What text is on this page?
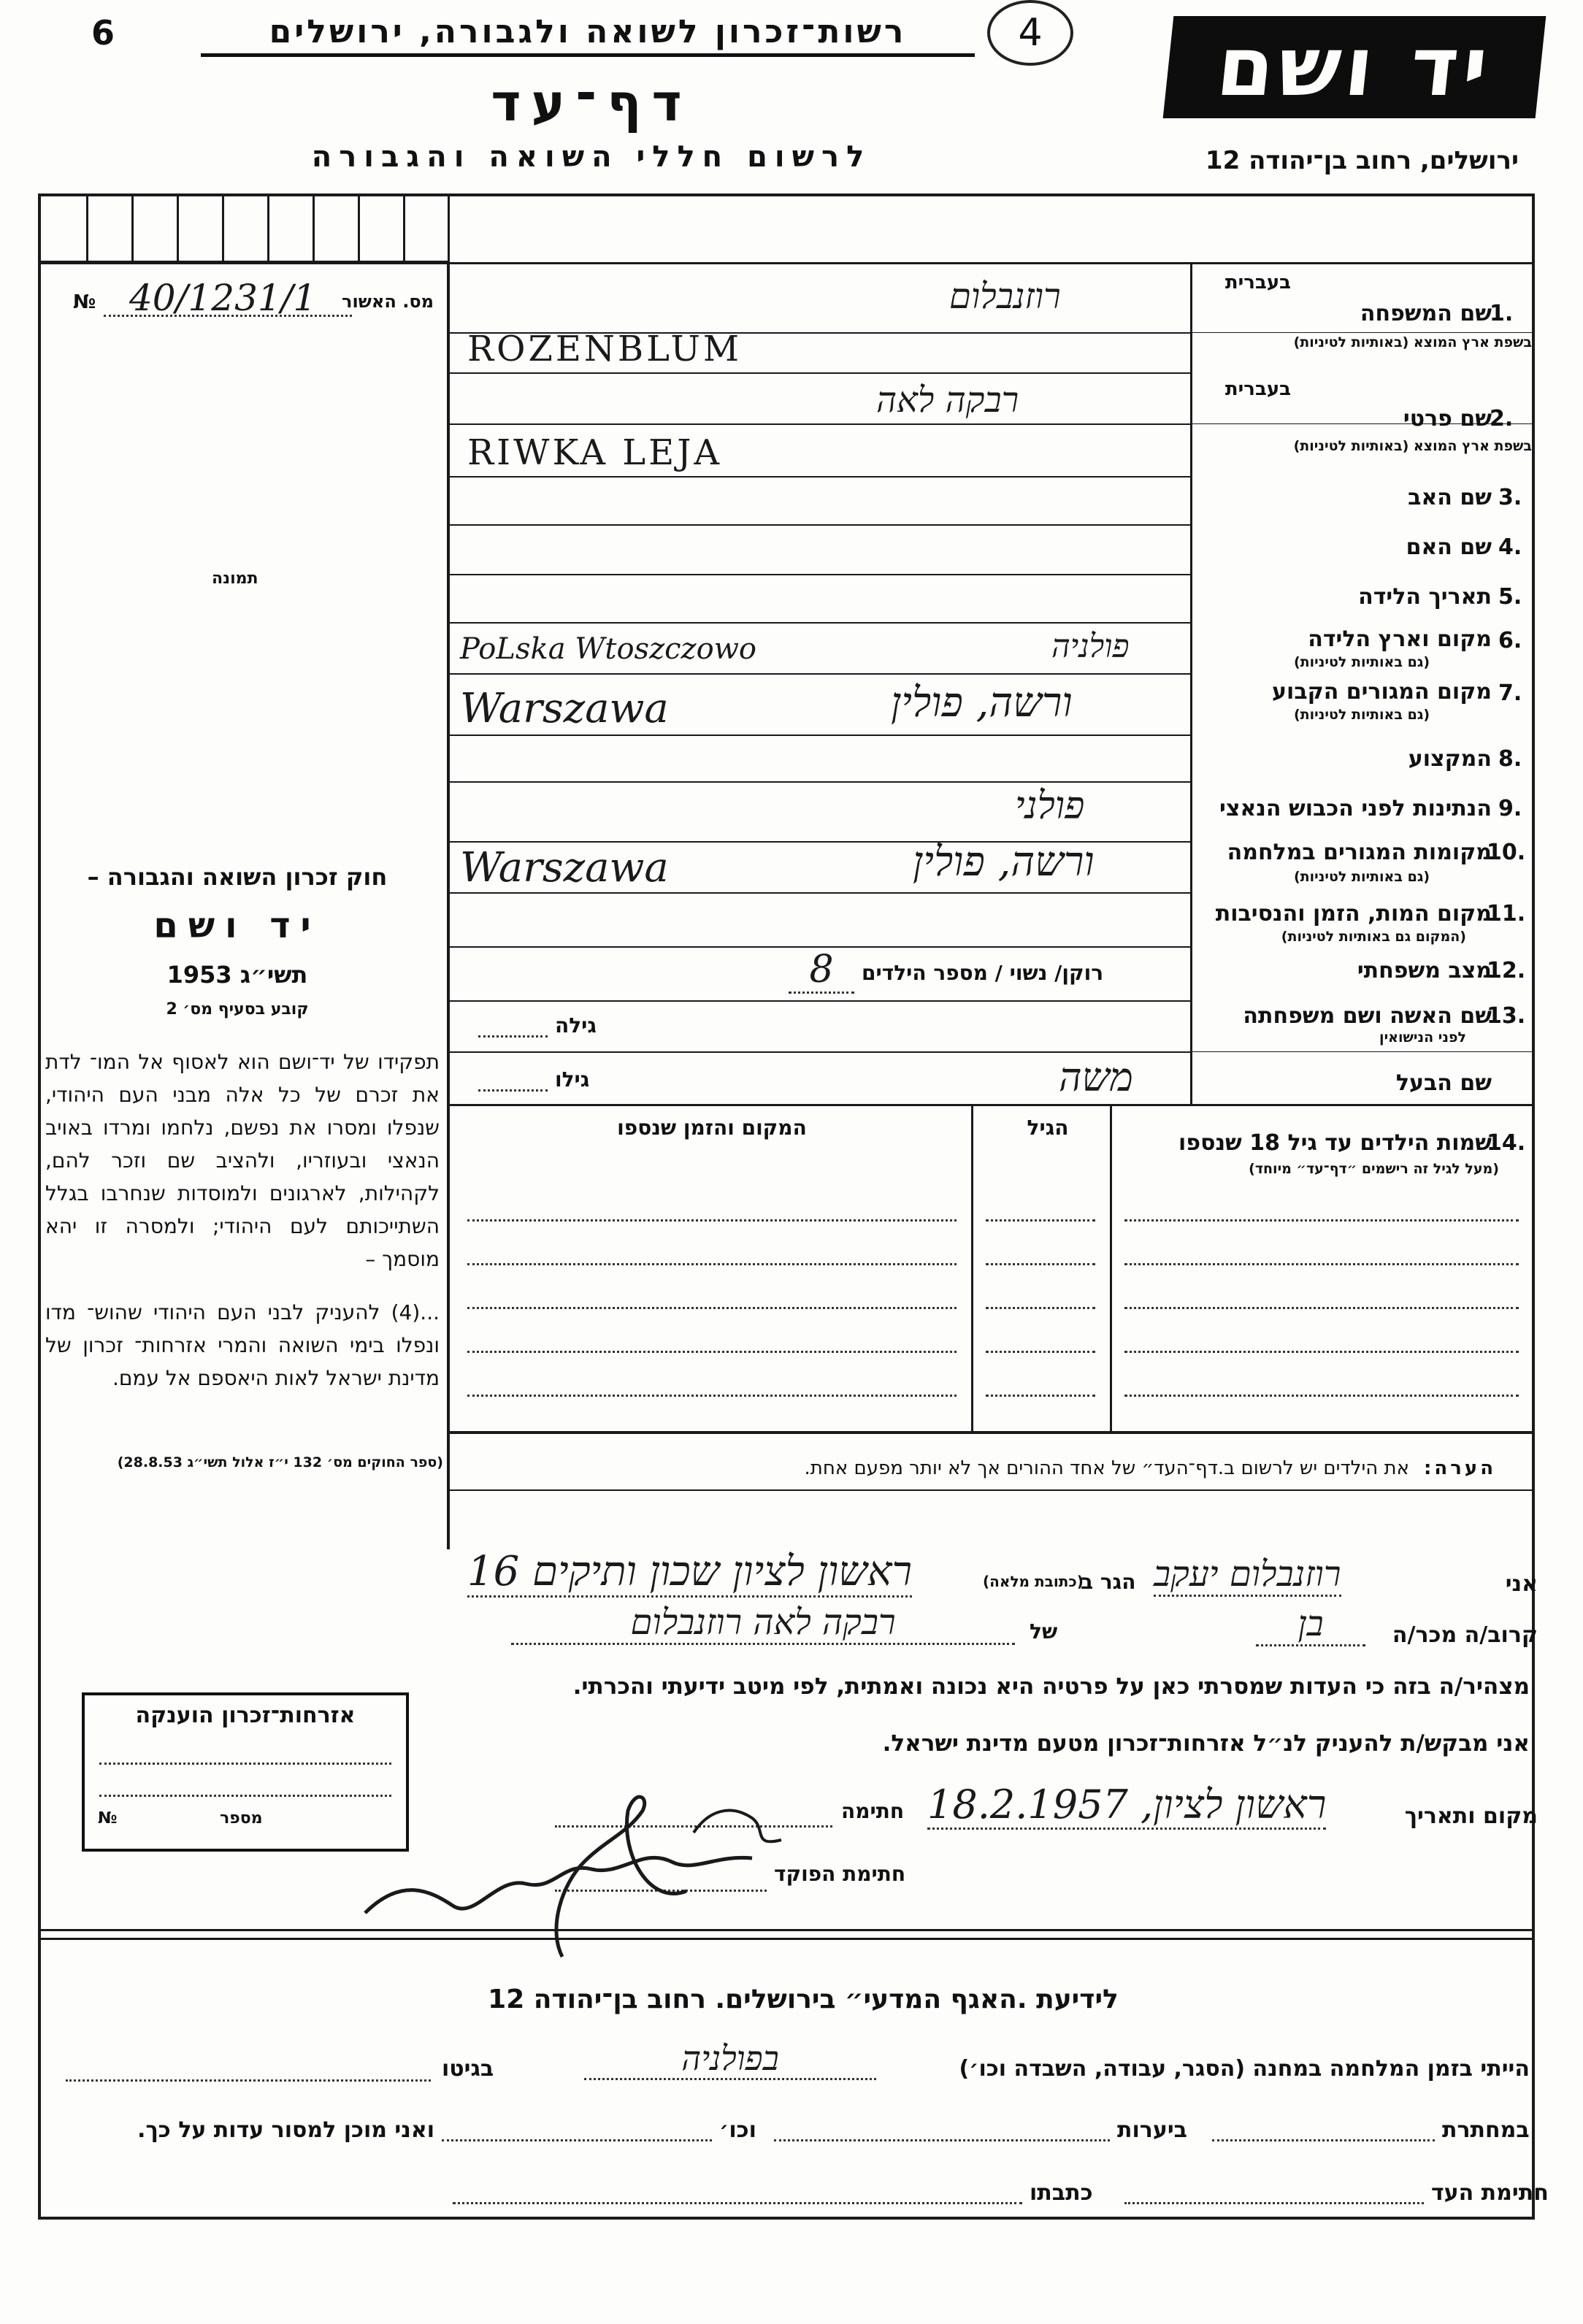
רשות־זכרון לשואה ולגבורה, ירושלים
6	4
דף־עד
לרשום חללי השואה והגבורה
יד ושם
ירושלים, רחוב בן־יהודה 12
№ 40/1231/1 מס. האשור
תמונה
חוק זכרון השואה והגבורה –
יד ושם
תשי״ג 1953
קובע בסעיף מס׳ 2
תפקידו של יד־ושם הוא לאסוף אל המו־ לדת את זכרם של כל אלה מבני העם היהודי, שנפלו ומסרו את נפשם, נלחמו ומרדו באויב הנאצי ובעוזריו, ולהציב שם וזכר להם, לקהילות, לארגונים ולמוסדות שנחרבו בגלל השתייכותם לעם היהודי; ולמסרה זו יהא מוסמך –
...(4) להעניק לבני העם היהודי שהוש־ מדו ונפלו בימי השואה והמרי אזרחות־ זכרון של מדינת ישראל לאות היאספם אל עמם.
(ספר החוקים מס׳ 132 י״ז אלול תשי״ג 28.8.53)
בעברית
שם המשפחה
1.
בשפת ארץ המוצא (באותיות לטיניות)
רוזנבלום
ROZENBLUM
בעברית
שם פרטי
2.
בשפת ארץ המוצא (באותיות לטיניות)
רבקה לאה
RIWKA LEJA
שם האב 3.
שם האם 4.
תאריך הלידה 5.
מקום וארץ הלידה 6.
(גם באותיות לטיניות)
פולניה
PoLska Wtoszczowo
מקום המגורים הקבוע 7.
(גם באותיות לטיניות)
ורשה, פולין
Warszawa
המקצוע 8.
הנתינות לפני הכבוש הנאצי 9.
פולני
מקומות המגורים במלחמה
10.
(גם באותיות לטיניות)
ורשה, פולין
Warszawa
מקום המות, הזמן והנסיבות
11.
(המקום גם באותיות לטיניות)
מצב משפחתי
12.
רוקן/ נשוי / מספר הילדים
8
שם האשה ושם משפחתה
13.
לפני הנישואין
גילה
שם הבעל
משה
גילו
שמות הילדים עד גיל 18 שנספו
14.
(מעל לגיל זה רישמים ״דף־עד״ מיוחד)
הגיל
המקום והזמן שנספו
הערה:
את הילדים יש לרשום ב.דף־העד״ של אחד ההורים אך לא יותר מפעם אחת.
אני
רוזנבלום יעקב
הגר ב
(כתובת מלאה)
ראשון לציון שכון ותיקים 16
קרוב/ה מכר/ה
בן
של
רבקה לאה רוזנבלום
מצהיר/ה בזה כי העדות שמסרתי כאן על פרטיה היא נכונה ואמתית, לפי מיטב ידיעתי והכרתי.
אני מבקש/ת להעניק לנ״ל אזרחות־זכרון מטעם מדינת ישראל.
מקום ותאריך
ראשון לציון, 18.2.1957
חתימה
חתימת הפוקד
אזרחות־זכרון הוענקה
№	מספר
לידיעת .האגף המדעי״ בירושלים. רחוב בן־יהודה 12
הייתי בזמן המלחמה במחנה (הסגר, עבודה, השבדה וכו׳)
בפולניה
בגיטו
במחתרת
ביערות
וכו׳
ואני מוכן למסור עדות על כך.
חתימת העד
כתבתו
